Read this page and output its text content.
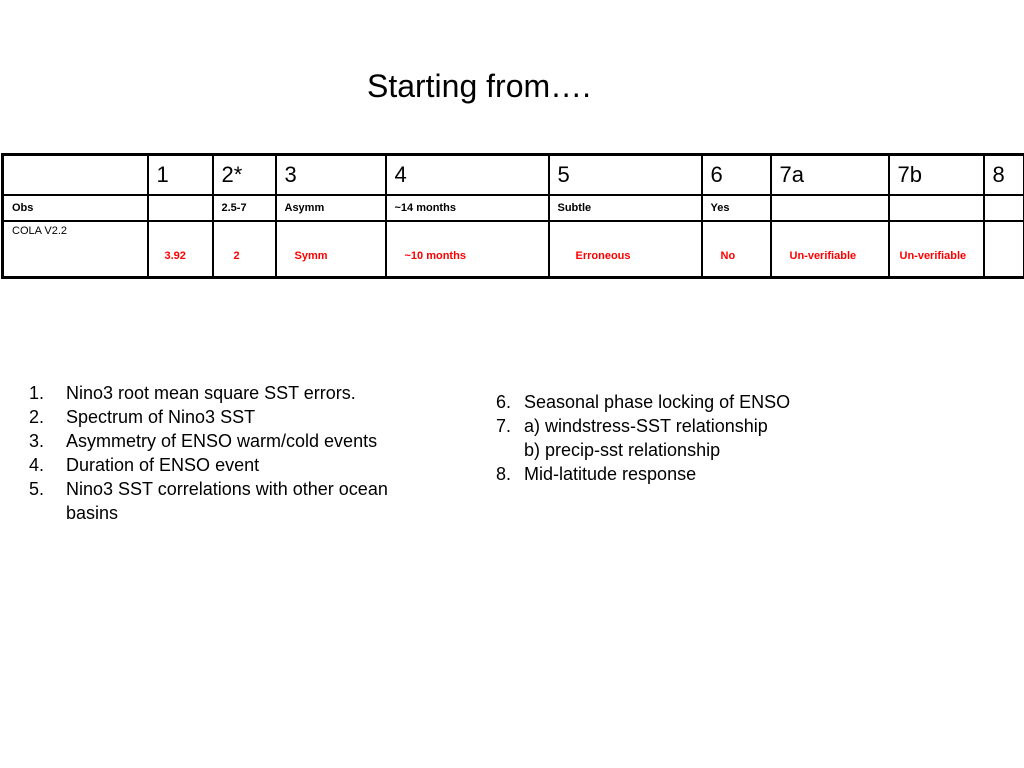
Starting from….
	1	2*	3	4	5	6	7a	7b	8
Obs		2.5-7	Asymm	~14 months	Subtle	Yes			
COLA V2.2	3.92	2	Symm	~10 months	Erroneous	No	Un-verifiable	Un-verifiable	
1. Nino3 root mean square SST errors.
2. Spectrum of Nino3 SST
3. Asymmetry of ENSO warm/cold events
4. Duration of ENSO event
5. Nino3 SST correlations with other ocean basins
6. Seasonal phase locking of ENSO
7. a) windstress-SST relationship
b) precip-sst relationship
8. Mid-latitude response
